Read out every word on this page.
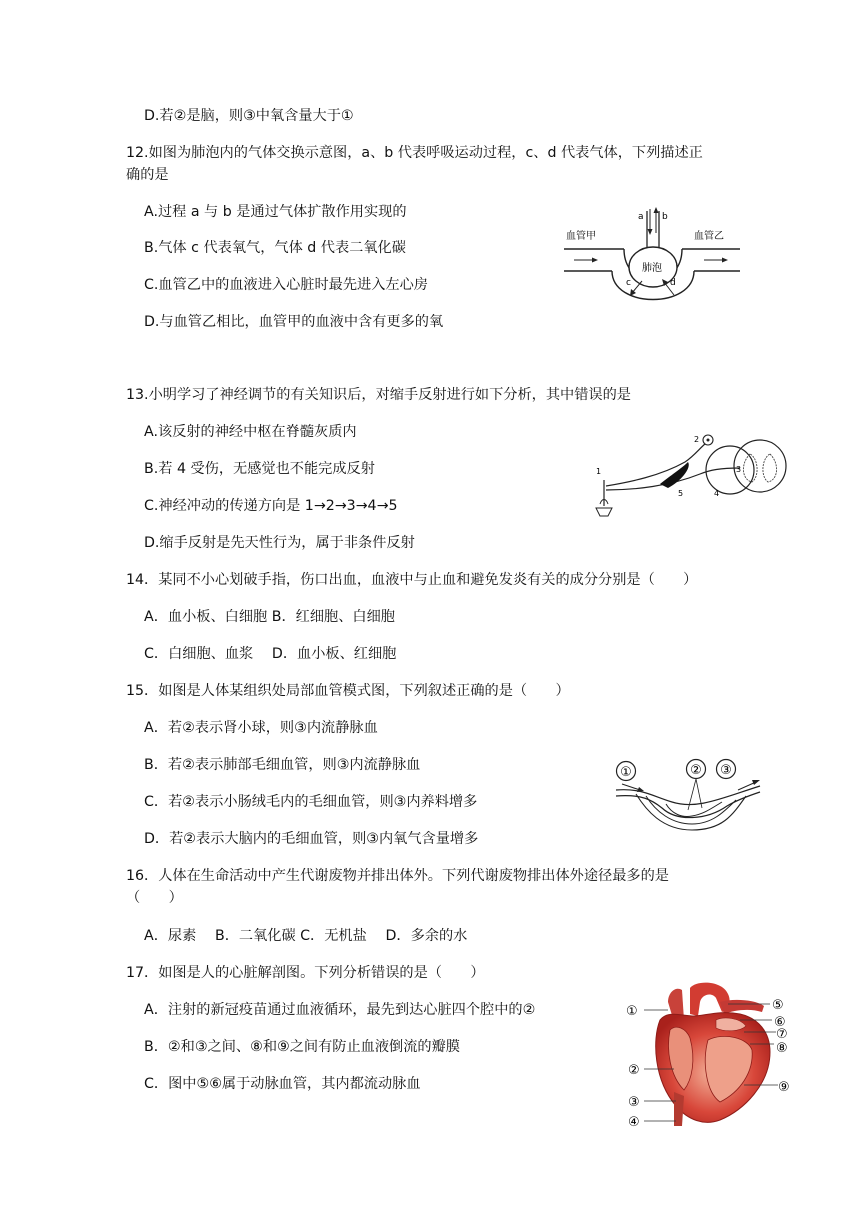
D.若②是脑，则③中氧含量大于①
12.如图为肺泡内的气体交换示意图，a、b 代表呼吸运动过程，c、d 代表气体，下列描述正
确的是
A.过程 a 与 b 是通过气体扩散作用实现的
B.气体 c 代表氧气，气体 d 代表二氧化碳
C.血管乙中的血液进入心脏时最先进入左心房
D.与血管乙相比，血管甲的血液中含有更多的氧
13.小明学习了神经调节的有关知识后，对缩手反射进行如下分析，其中错误的是
A.该反射的神经中枢在脊髓灰质内
B.若 4 受伤，无感觉也不能完成反射
C.神经冲动的传递方向是 1→2→3→4→5
D.缩手反射是先天性行为，属于非条件反射
14．某同不小心划破手指，伤口出血，血液中与止血和避免发炎有关的成分分别是（　　）
A．血小板、白细胞 B．红细胞、白细胞
C．白细胞、血浆　 D．血小板、红细胞
15．如图是人体某组织处局部血管模式图，下列叙述正确的是（　　）
A．若②表示肾小球，则③内流静脉血
B．若②表示肺部毛细血管，则③内流静脉血
C．若②表示小肠绒毛内的毛细血管，则③内养料增多
D．若②表示大脑内的毛细血管，则③内氧气含量增多
16．人体在生命活动中产生代谢废物并排出体外。下列代谢废物排出体外途径最多的是
（　　）
A．尿素　 B．二氧化碳 C．无机盐　 D．多余的水
17．如图是人的心脏解剖图。下列分析错误的是（　　）
A．注射的新冠疫苗通过血液循环，最先到达心脏四个腔中的②
B．②和③之间、⑧和⑨之间有防止血液倒流的瓣膜
C．图中⑤⑥属于动脉血管，其内都流动脉血
血管甲	血管乙
肺泡
a b
c	d
1
2
3
4
5
①	② ③
①	⑤
⑥
⑦
⑧
⑨
②
③
④
